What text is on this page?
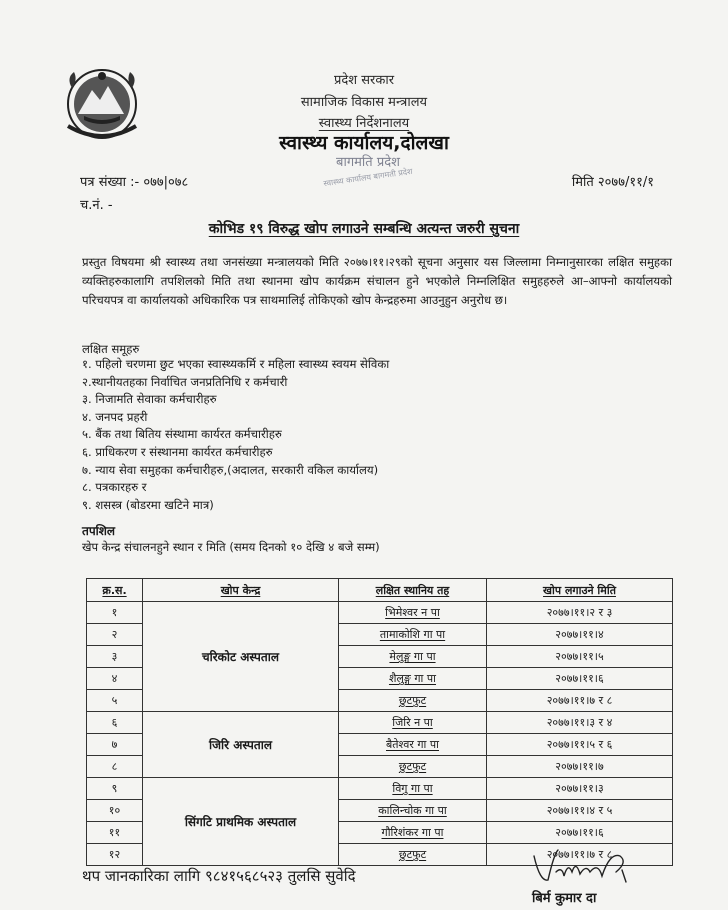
प्रदेश सरकार
सामाजिक विकास मन्त्रालय
स्वास्थ्य निर्देशनालय
स्वास्थ्य कार्यालय,दोलखा
बागमति प्रदेश
स्वास्थ्य कार्यालय बागमती प्रदेश
पत्र संख्या :- ०७७|०७८
च.नं. -
मिति २०७७/११/१
कोभिड १९ विरुद्ध खोप लगाउने सम्बन्धि अत्यन्त जरुरी सुचना
प्रस्तुत विषयमा श्री स्वास्थ्य तथा जनसंख्या मन्त्रालयको मिति २०७७।११।२९को सूचना अनुसार यस जिल्लामा निम्नानुसारका लक्षित समुहका व्यक्तिहरुकालागि तपशिलको मिति तथा स्थानमा खोप कार्यक्रम संचालन हुने भएकोले निम्नलिक्षित समुहहरुले आ–आफ्नो कार्यालयको परिचयपत्र वा कार्यालयको अधिकारिक पत्र साथमालिई तोकिएको खोप केन्द्रहरुमा आउनुहुन अनुरोध छ।
लक्षित समूहरु
१. पहिलो चरणमा छुट भएका स्वास्थ्यकर्मि र महिला स्वास्थ्य स्वयम सेविका
२.स्थानीयतहका निर्वाचित जनप्रतिनिधि र कर्मचारी
३. निजामति सेवाका कर्मचारीहरु
४. जनपद प्रहरी
५. बैंक तथा बितिय संस्थामा कार्यरत कर्मचारीहरु
६. प्राधिकरण र संस्थानमा कार्यरत कर्मचारीहरु
७. न्याय सेवा समुहका कर्मचारीहरु,(अदालत, सरकारी वकिल कार्यालय)
८. पत्रकारहरु र
९. शसस्त्र (बोडरमा खटिने मात्र)
तपशिल
खेप केन्द्र संचालनहुने स्थान र मिति (समय दिनको १० देखि ४ बजे सम्म)
क्र.स.	खोप केन्द्र	लक्षित स्थानिय तह	खोप लगाउने मिति
१	चरिकोट अस्पताल	भिमेश्वर न पा	२०७७।११।२ र ३
२		तामाकोशि गा पा	२०७७।११।४
३		मेलुङ्ग गा पा	२०७७।११।५
४		शैलुङ्ग गा पा	२०७७।११।६
५		छुटफुट	२०७७।११।७ र ८
६	जिरि अस्पताल	जिरि न पा	२०७७।११।३ र ४
७		बैतेश्वर गा पा	२०७७।११।५ र ६
८		छुटफुट	२०७७।११।७
९	सिंगटि प्राथमिक अस्पताल	विगु गा पा	२०७७।११।३
१०		कालिन्चोक गा पा	२०७७।११।४ र ५
११		गौरिशंकर गा पा	२०७७।११।६
१२		छुटफुट	२०७७।११।७ र ८
थप जानकारिका लागि ९८४१५६८५२३ तुलसि सुवेदि
बिर्म कुमार दा
